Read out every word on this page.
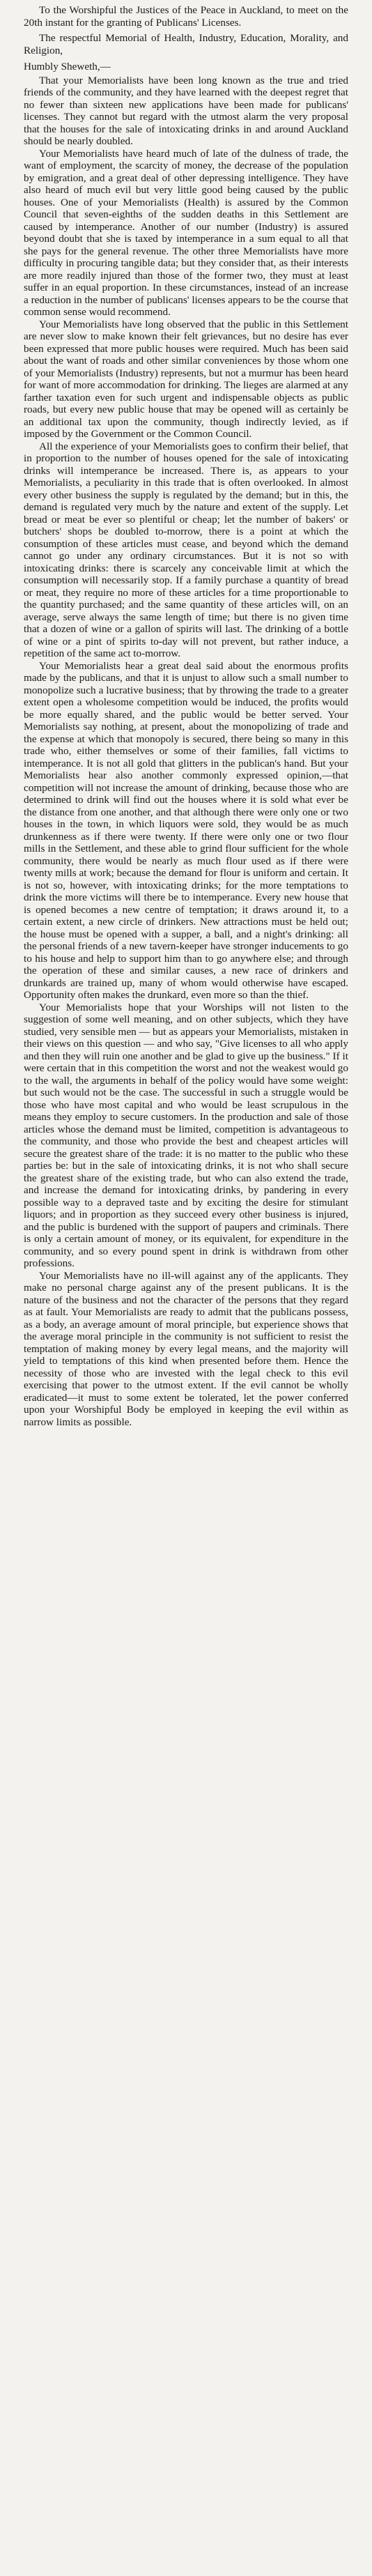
To the Worshipful the Justices of the Peace in Auckland, to meet on the 20th instant for the granting of Publicans' Licenses.

The respectful Memorial of Health, Industry, Education, Morality, and Religion,

Humbly Sheweth,—

That your Memorialists have been long known as the true and tried friends of the community, and they have learned with the deepest regret that no fewer than sixteen new applications have been made for publicans' licenses. They cannot but regard with the utmost alarm the very proposal that the houses for the sale of intoxicating drinks in and around Auckland should be nearly doubled.

Your Memorialists have heard much of late of the dulness of trade, the want of employment, the scarcity of money, the decrease of the population by emigration, and a great deal of other depressing intelligence. They have also heard of much evil but very little good being caused by the public houses. One of your Memorialists (Health) is assured by the Common Council that seven-eighths of the sudden deaths in this Settlement are caused by intemperance. Another of our number (Industry) is assured beyond doubt that she is taxed by intemperance in a sum equal to all that she pays for the general revenue. The other three Memorialists have more difficulty in procuring tangible data; but they consider that, as their interests are more readily injured than those of the former two, they must at least suffer in an equal proportion. In these circumstances, instead of an increase a reduction in the number of publicans' licenses appears to be the course that common sense would recommend.

Your Memorialists have long observed that the public in this Settlement are never slow to make known their felt grievances, but no desire has ever been expressed that more public houses were required. Much has been said about the want of roads and other similar conveniences by those whom one of your Memorialists (Industry) represents, but not a murmur has been heard for want of more accommodation for drinking. The lieges are alarmed at any farther taxation even for such urgent and indispensable objects as public roads, but every new public house that may be opened will as certainly be an additional tax upon the community, though indirectly levied, as if imposed by the Government or the Common Council.

All the experience of your Memorialists goes to confirm their belief, that in proportion to the number of houses opened for the sale of intoxicating drinks will intemperance be increased. There is, as appears to your Memorialists, a peculiarity in this trade that is often overlooked. In almost every other business the supply is regulated by the demand; but in this, the demand is regulated very much by the nature and extent of the supply. Let bread or meat be ever so plentiful or cheap; let the number of bakers' or butchers' shops be doubled to-morrow, there is a point at which the consumption of these articles must cease, and beyond which the demand cannot go under any ordinary circumstances. But it is not so with intoxicating drinks: there is scarcely any conceivable limit at which the consumption will necessarily stop. If a family purchase a quantity of bread or meat, they require no more of these articles for a time proportionable to the quantity purchased; and the same quantity of these articles will, on an average, serve always the same length of time; but there is no given time that a dozen of wine or a gallon of spirits will last. The drinking of a bottle of wine or a pint of spirits to-day will not prevent, but rather induce, a repetition of the same act to-morrow.

Your Memorialists hear a great deal said about the enormous profits made by the publicans, and that it is unjust to allow such a small number to monopolize such a lucrative business; that by throwing the trade to a greater extent open a wholesome competition would be induced, the profits would be more equally shared, and the public would be better served. Your Memorialists say nothing, at present, about the monopolizing of trade and the expense at which that monopoly is secured, there being so many in this trade who, either themselves or some of their families, fall victims to intemperance. It is not all gold that glitters in the publican's hand. But your Memorialists hear also another commonly expressed opinion,—that competition will not increase the amount of drinking, because those who are determined to drink will find out the houses where it is sold what ever be the distance from one another, and that although there were only one or two houses in the town, in which liquors were sold, they would be as much drunkenness as if there were twenty. If there were only one or two flour mills in the Settlement, and these able to grind flour sufficient for the whole community, there would be nearly as much flour used as if there were twenty mills at work; because the demand for flour is uniform and certain. It is not so, however, with intoxicating drinks; for the more temptations to drink the more victims will there be to intemperance. Every new house that is opened becomes a new centre of temptation; it draws around it, to a certain extent, a new circle of drinkers. New attractions must be held out; the house must be opened with a supper, a ball, and a night's drinking: all the personal friends of a new tavern-keeper have stronger inducements to go to his house and help to support him than to go anywhere else; and through the operation of these and similar causes, a new race of drinkers and drunkards are trained up, many of whom would otherwise have escaped. Opportunity often makes the drunkard, even more so than the thief.

Your Memorialists hope that your Worships will not listen to the suggestion of some well meaning, and on other subjects, which they have studied, very sensible men — but as appears your Memorialists, mistaken in their views on this question — and who say, "Give licenses to all who apply and then they will ruin one another and be glad to give up the business." If it were certain that in this competition the worst and not the weakest would go to the wall, the arguments in behalf of the policy would have some weight: but such would not be the case. The successful in such a struggle would be those who have most capital and who would be least scrupulous in the means they employ to secure customers. In the production and sale of those articles whose the demand must be limited, competition is advantageous to the community, and those who provide the best and cheapest articles will secure the greatest share of the trade: it is no matter to the public who these parties be: but in the sale of intoxicating drinks, it is not who shall secure the greatest share of the existing trade, but who can also extend the trade, and increase the demand for intoxicating drinks, by pandering in every possible way to a depraved taste and by exciting the desire for stimulant liquors; and in proportion as they succeed every other business is injured, and the public is burdened with the support of paupers and criminals. There is only a certain amount of money, or its equivalent, for expenditure in the community, and so every pound spent in drink is withdrawn from other professions.

Your Memorialists have no ill-will against any of the applicants. They make no personal charge against any of the present publicans. It is the nature of the business and not the character of the persons that they regard as at fault. Your Memorialists are ready to admit that the publicans possess, as a body, an average amount of moral principle, but experience shows that the average moral principle in the community is not sufficient to resist the temptation of making money by every legal means, and the majority will yield to temptations of this kind when presented before them. Hence the necessity of those who are invested with the legal check to this evil exercising that power to the utmost extent. If the evil cannot be wholly eradicated—it must to some extent be tolerated, let the power conferred upon your Worshipful Body be employed in keeping the evil within as narrow limits as possible.
